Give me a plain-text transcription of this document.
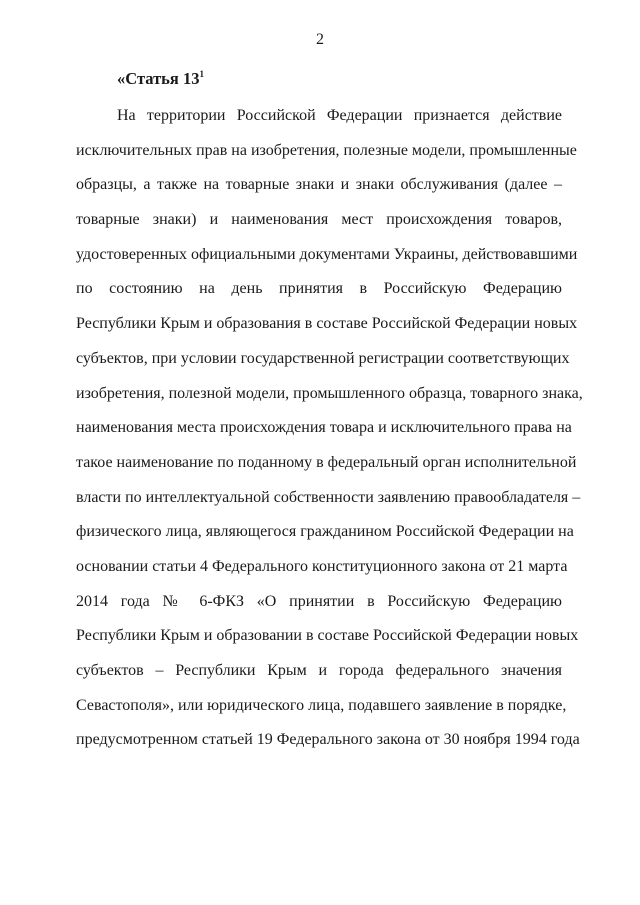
2
«Статья $13^1$
На территории Российской Федерации признается действие
исключительных прав на изобретения, полезные модели, промышленные
образцы, а также на товарные знаки и знаки обслуживания (далее –
товарные знаки) и наименования мест происхождения товаров,
удостоверенных официальными документами Украины, действовавшими
по состоянию на день принятия в Российскую Федерацию
Республики Крым и образования в составе Российской Федерации новых
субъектов, при условии государственной регистрации соответствующих
изобретения, полезной модели, промышленного образца, товарного знака,
наименования места происхождения товара и исключительного права на
такое наименование по поданному в федеральный орган исполнительной
власти по интеллектуальной собственности заявлению правообладателя –
физического лица, являющегося гражданином Российской Федерации на
основании статьи 4 Федерального конституционного закона от 21 марта
2014 года № 6-ФКЗ «О принятии в Российскую Федерацию
Республики Крым и образовании в составе Российской Федерации новых
субъектов – Республики Крым и города федерального значения
Севастополя», или юридического лица, подавшего заявление в порядке,
предусмотренном статьей 19 Федерального закона от 30 ноября 1994 года
